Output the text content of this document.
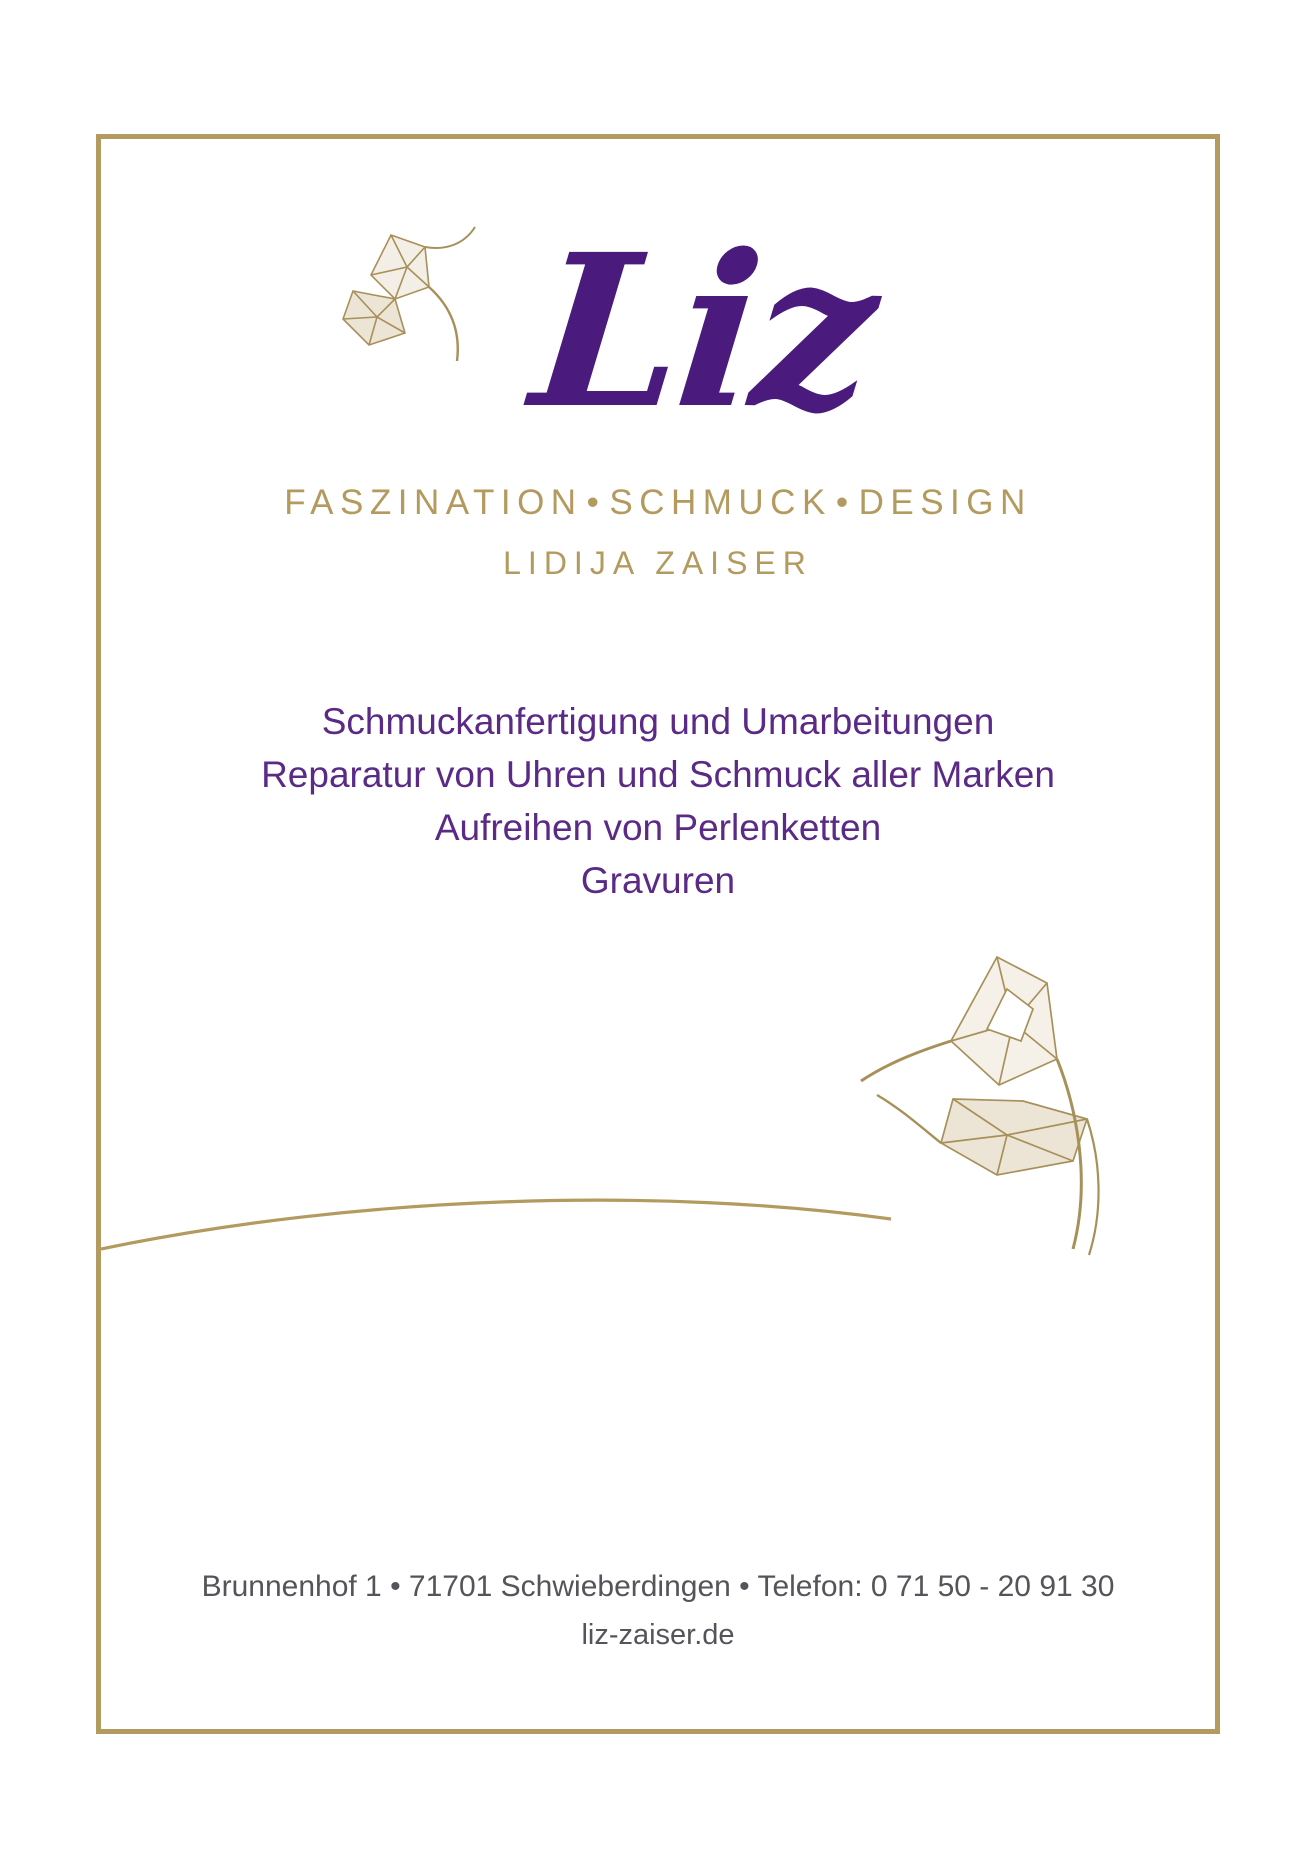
Liz
FASZINATION • SCHMUCK • DESIGN
LIDIJA ZAISER
Schmuckanfertigung und Umarbeitungen
Reparatur von Uhren und Schmuck aller Marken
Aufreihen von Perlenketten
Gravuren
Brunnenhof 1 • 71701 Schwieberdingen • Telefon: 0 71 50 - 20 91 30
liz-zaiser.de
